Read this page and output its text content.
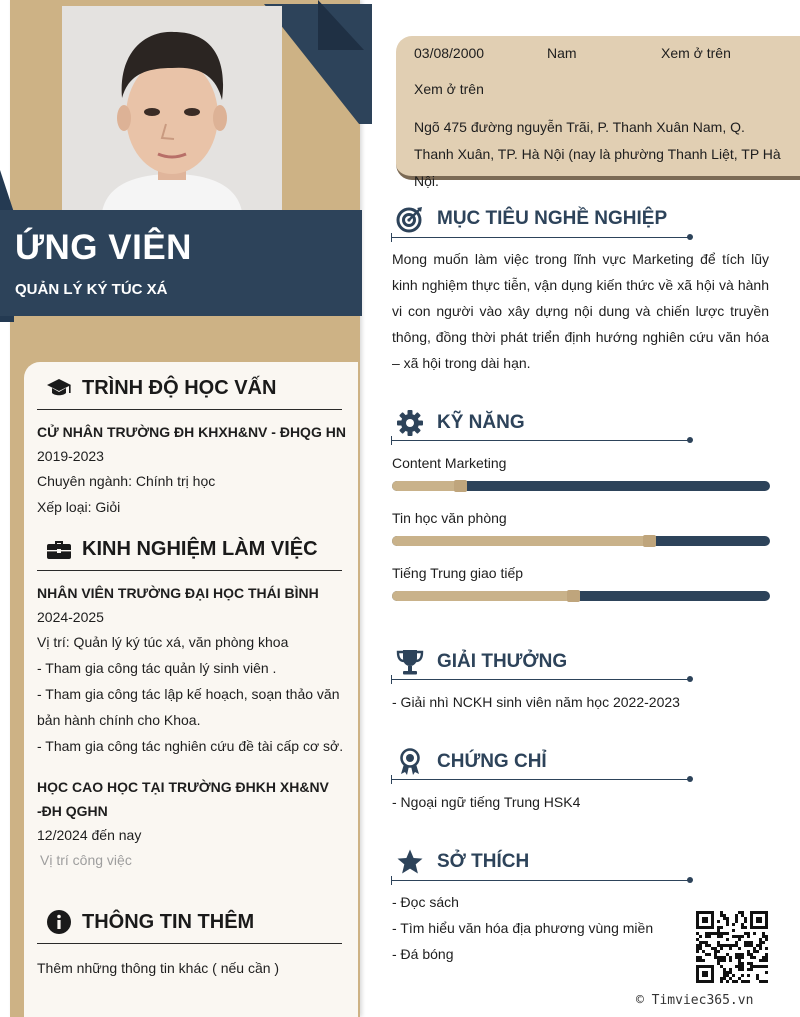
ỨNG VIÊN
QUẢN LÝ KÝ TÚC XÁ
TRÌNH ĐỘ HỌC VẤN
CỬ NHÂN TRƯỜNG ĐH KHXH&NV - ĐHQG HN
2019-2023
Chuyên ngành: Chính trị học
Xếp loại: Giỏi
KINH NGHIỆM LÀM VIỆC
NHÂN VIÊN TRƯỜNG ĐẠI HỌC THÁI BÌNH
2024-2025
Vị trí: Quản lý ký túc xá, văn phòng khoa
- Tham gia công tác quản lý sinh viên .
- Tham gia công tác lập kế hoạch, soạn thảo văn
bản hành chính cho Khoa.
- Tham gia công tác nghiên cứu đề tài cấp cơ sở.
HỌC CAO HỌC TẠI TRƯỜNG ĐHKH XH&NV
-ĐH QGHN
12/2024 đến nay
Vị trí công việc
THÔNG TIN THÊM
Thêm những thông tin khác ( nếu cần )
03/08/2000	Nam	Xem ở trên
Xem ở trên
Ngõ 475 đường nguyễn Trãi, P. Thanh Xuân Nam, Q. Thanh Xuân, TP. Hà Nội (nay là phường Thanh Liệt, TP Hà Nội.
MỤC TIÊU NGHỀ NGHIỆP
Mong muốn làm việc trong lĩnh vực Marketing để tích lũy kinh nghiệm thực tiễn, vận dụng kiến thức về xã hội và hành vi con người vào xây dựng nội dung và chiến lược truyền thông, đồng thời phát triển định hướng nghiên cứu văn hóa – xã hội trong dài hạn.
KỸ NĂNG
Content Marketing
Tin học văn phòng
Tiếng Trung giao tiếp
GIẢI THƯỞNG
- Giải nhì NCKH sinh viên năm học 2022-2023
CHỨNG CHỈ
- Ngoại ngữ tiếng Trung HSK4
SỞ THÍCH
- Đọc sách
- Tìm hiểu văn hóa địa phương vùng miền
- Đá bóng
© Timviec365.vn
